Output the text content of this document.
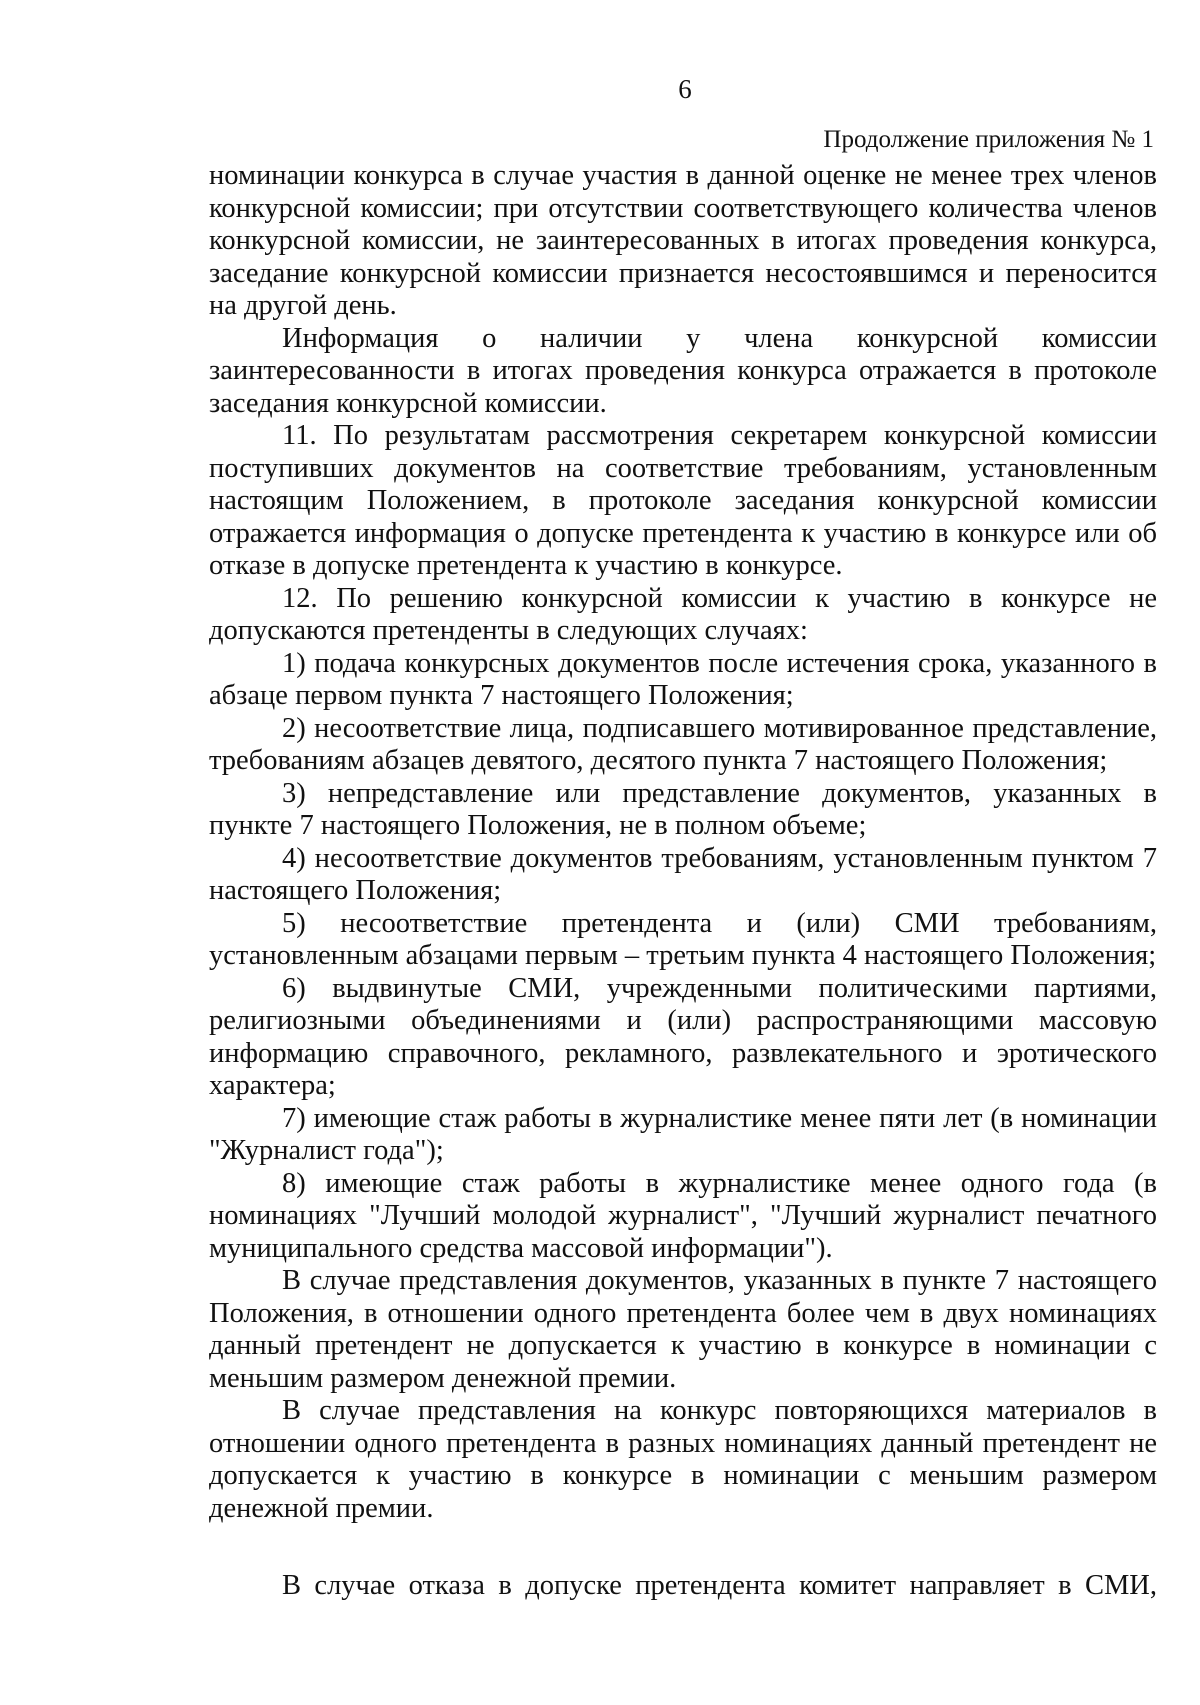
6
Продолжение приложения № 1

номинации конкурса в случае участия в данной оценке не менее трех членов конкурсной комиссии; при отсутствии соответствующего количества членов конкурсной комиссии, не заинтересованных в итогах проведения конкурса, заседание конкурсной комиссии признается несостоявшимся и переносится на другой день.

Информация о наличии у члена конкурсной комиссии заинтересованности в итогах проведения конкурса отражается в протоколе заседания конкурсной комиссии.

11. По результатам рассмотрения секретарем конкурсной комиссии поступивших документов на соответствие требованиям, установленным настоящим Положением, в протоколе заседания конкурсной комиссии отражается информация о допуске претендента к участию в конкурсе или об отказе в допуске претендента к участию в конкурсе.

12. По решению конкурсной комиссии к участию в конкурсе не допускаются претенденты в следующих случаях:

1) подача конкурсных документов после истечения срока, указанного в абзаце первом пункта 7 настоящего Положения;

2) несоответствие лица, подписавшего мотивированное представление, требованиям абзацев девятого, десятого пункта 7 настоящего Положения;

3) непредставление или представление документов, указанных в пункте 7 настоящего Положения, не в полном объеме;

4) несоответствие документов требованиям, установленным пунктом 7 настоящего Положения;

5) несоответствие претендента и (или) СМИ требованиям, установленным абзацами первым – третьим пункта 4 настоящего Положения;

6) выдвинутые СМИ, учрежденными политическими партиями, религиозными объединениями и (или) распространяющими массовую информацию справочного, рекламного, развлекательного и эротического характера;

7) имеющие стаж работы в журналистике менее пяти лет (в номинации "Журналист года");

8) имеющие стаж работы в журналистике менее одного года (в номинациях "Лучший молодой журналист", "Лучший журналист печатного муниципального средства массовой информации").

В случае представления документов, указанных в пункте 7 настоящего Положения, в отношении одного претендента более чем в двух номинациях данный претендент не допускается к участию в конкурсе в номинации с меньшим размером денежной премии.

В случае представления на конкурс повторяющихся материалов в отношении одного претендента в разных номинациях данный претендент не допускается к участию в конкурсе в номинации с меньшим размером денежной премии.

В случае отказа в допуске претендента комитет направляет в СМИ,
